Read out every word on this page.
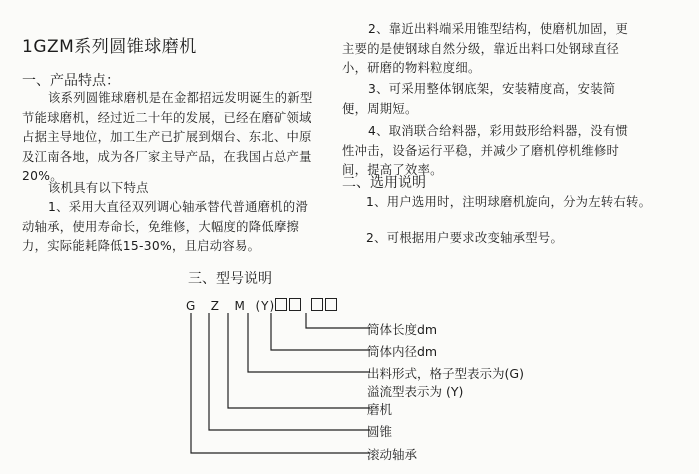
1GZM系列圆锥球磨机
一、产品特点：
该系列圆锥球磨机是在金都招远发明诞生的新型
节能球磨机，经过近二十年的发展，已经在磨矿领域
占据主导地位，加工生产已扩展到烟台、东北、中原
及江南各地，成为各厂家主导产品，在我国占总产量
20%。
该机具有以下特点
1、采用大直径双列调心轴承替代普通磨机的滑
动轴承，使用寿命长，免维修，大幅度的降低摩擦
力，实际能耗降低15-30%，且启动容易。
2、靠近出料端采用锥型结构，使磨机加固，更
主要的是使钢球自然分级，靠近出料口处钢球直径
小，研磨的物料粒度细。
3、可采用整体钢底架，安装精度高，安装简
便，周期短。
4、取消联合给料器，彩用鼓形给料器，没有惯
性冲击，设备运行平稳，并减少了磨机停机维修时
间，提高了效率。
二、选用说明
1、用户选用时，注明球磨机旋向，分为左转右转。
2、可根据用户要求改变轴承型号。
三、型号说明
G Z M (Y)
筒体长度dm
筒体内径dm
出料形式，格子型表示为(G)
溢流型表示为 (Y)
磨机
圆锥
滚动轴承
